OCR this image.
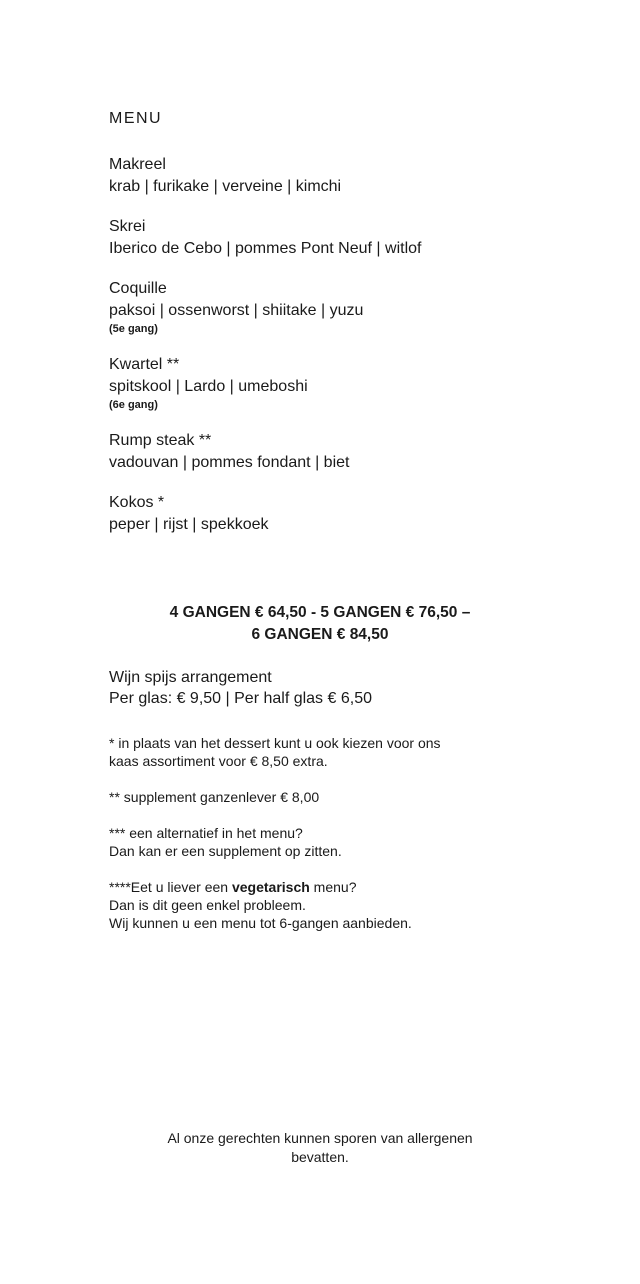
MENU
Makreel
krab | furikake | verveine | kimchi
Skrei
Iberico de Cebo | pommes Pont Neuf | witlof
Coquille
paksoi | ossenworst | shiitake | yuzu
(5e gang)
Kwartel **
spitskool | Lardo | umeboshi
(6e gang)
Rump steak **
vadouvan | pommes fondant | biet
Kokos *
peper | rijst | spekkoek
4 GANGEN € 64,50 - 5 GANGEN € 76,50 –
6 GANGEN € 84,50
Wijn spijs arrangement
Per glas: € 9,50 | Per half glas € 6,50
* in plaats van het dessert kunt u ook kiezen voor ons
kaas assortiment voor € 8,50 extra.
** supplement ganzenlever € 8,00
*** een alternatief in het menu?
Dan kan er een supplement op zitten.
****Eet u liever een vegetarisch menu?
Dan is dit geen enkel probleem.
Wij kunnen u een menu tot 6-gangen aanbieden.
Al onze gerechten kunnen sporen van allergenen
bevatten.
